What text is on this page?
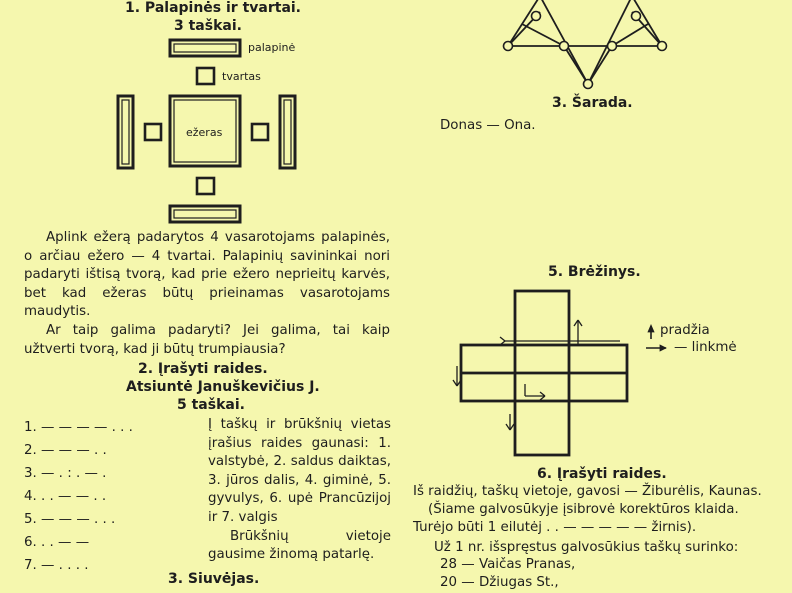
1. Palapinės ir tvartai.
3 taškai.
palapinė
tvartas
ežeras

Aplink ežerą padarytos 4 vasarotojams palapinės, o arčiau ežero — 4 tvartai. Palapinių savininkai nori padaryti ištisą tvorą, kad prie ežero neprieitų karvės, bet kad ežeras būtų prieinamas vasarotojams maudytis.

Ar taip galima padaryti? Jei galima, tai kaip užtverti tvorą, kad ji būtų trumpiausia?

2. Įrašyti raides.
Atsiuntė Januškevičius J.
5 taškai.
1. — — — — . . .
2. — — — . .
3. — . : . — .
4. . . — — . .
5. — — — . . .
6. . . — —
7. — . . . .
Į taškų ir brūkšnių vietas įrašius raides gaunasi: 1. valstybė, 2. saldus daiktas, 3. jūros dalis, 4. giminė, 5. gyvulys, 6. upė Prancūzijoj ir 7. valgis
Brūkšnių vietoje gausime žinomą patarlę.
3. Siuvėjas.
3. Šarada.
Donas — Ona.
5. Brėžinys.
pradžia
— linkmė
6. Įrašyti raides.
Iš raidžių, taškų vietoje, gavosi — Žiburėlis, Kaunas.
(Šiame galvosūkyje įsibrovė korektūros klaida.
Turėjo būti 1 eilutėj . . — — — — — žirnis).
Už 1 nr. išspręstus galvosūkius taškų surinko:
28 — Vaičas Pranas,
20 — Džiugas St.,
